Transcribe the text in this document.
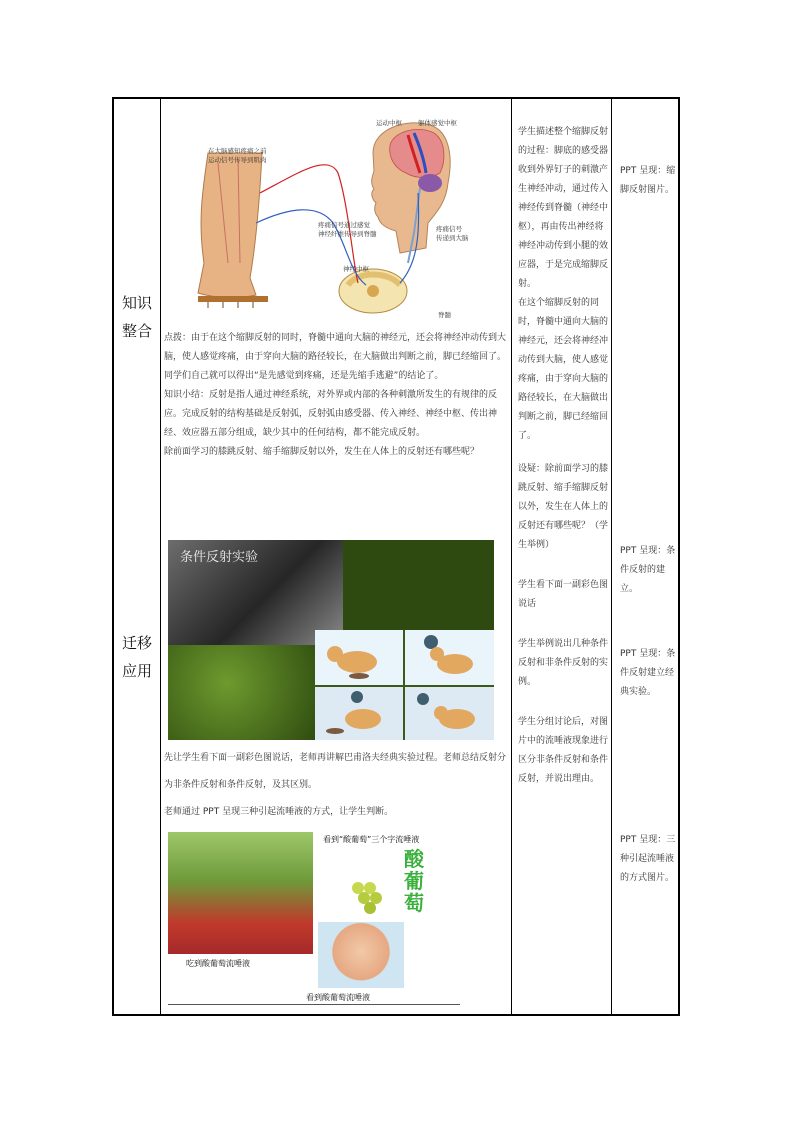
知识
整合
迁移
应用
运动中枢 躯体感觉中枢
在大脑感知疼痛之前
运动信号传导到肌肉
疼痛信号通过感觉
神经纤维传导到脊髓
疼痛信号
传递到大脑
神经中枢
脊髓

点拨：由于在这个缩脚反射的同时，脊髓中通向大脑的神经元，还会将神经冲动传到大脑，使人感觉疼痛，由于穿向大脑的路径较长，在大脑做出判断之前，脚已经缩回了。同学们自己就可以得出“是先感觉到疼痛，还是先缩手逃避”的结论了。

知识小结：反射是指人通过神经系统，对外界或内部的各种刺激所发生的有规律的反应。完成反射的结构基础是反射弧，反射弧由感受器、传入神经、神经中枢、传出神经、效应器五部分组成，缺少其中的任何结构，都不能完成反射。

除前面学习的膝跳反射、缩手缩脚反射以外，发生在人体上的反射还有哪些呢？

条件反射实验

先让学生看下面一副彩色图说话，老师再讲解巴甫洛夫经典实验过程。老师总结反射分为非条件反射和条件反射，及其区别。

老师通过 PPT 呈现三种引起流唾液的方式，让学生判断。

吃到酸葡萄流唾液
看到“酸葡萄”三个字流唾液
酸
葡
萄
看到酸葡萄流唾液
学生描述整个缩脚反射的过程：脚底的感受器收到外界钉子的刺激产生神经冲动，通过传入神经传到脊髓（神经中枢），再由传出神经将神经冲动传到小腿的效应器，于是完成缩脚反射。
在这个缩脚反射的同时，脊髓中通向大脑的神经元，还会将神经冲动传到大脑，使人感觉疼痛，由于穿向大脑的路径较长，在大脑做出判断之前，脚已经缩回了。
设疑：除前面学习的膝跳反射、缩手缩脚反射以外，发生在人体上的反射还有哪些呢？（学生举例）
学生看下面一副彩色图说话
学生举例说出几种条件反射和非条件反射的实例。
学生分组讨论后，对图片中的流唾液现象进行区分非条件反射和条件反射，并说出理由。
PPT 呈现：缩脚反射图片。
PPT 呈现：条件反射的建立。
PPT 呈现：条件反射建立经典实验。
PPT 呈现：三种引起流唾液的方式图片。
